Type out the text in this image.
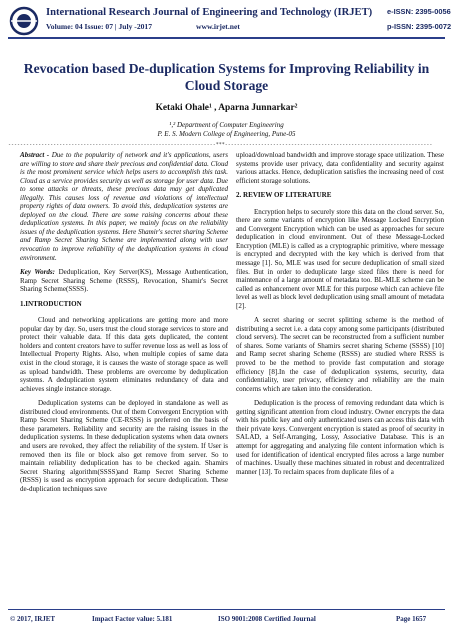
International Research Journal of Engineering and Technology (IRJET) e-ISSN: 2395-0056
Volume: 04 Issue: 07 | July -2017	www.irjet.net	p-ISSN: 2395-0072
Revocation based De-duplication Systems for Improving Reliability in Cloud Storage
Ketaki Ohale¹ , Aparna Junnarkar²
¹,² Department of Computer Engineering
P. E. S. Modern College of Engineering, Pune-05
---------------------------------------------------------------------***---------------------------------------------------------------------

Abstract - Due to the popularity of network and it's applications, users are willing to store and share their precious and confidential data. Cloud is the most prominent service which helps users to accomplish this task. Cloud as a service provides security as well as storage for user data. Due to some attacks or threats, these precious data may get duplicated illegally. This causes loss of revenue and violations of intellectual property rights of data owners. To avoid this, deduplication systems are deployed on the cloud. There are some raising concerns about these deduplication systems. In this paper, we mainly focus on the reliability issues of the deduplication systems. Here Shamir's secret sharing Scheme and Ramp Secret Sharing Scheme are implemented along with user revocation to improve reliability of the deduplication systems in cloud environment.

Key Words: Deduplication, Key Server(KS), Message Authentication, Ramp Secret Sharing Scheme (RSSS), Revocation, Shamir's Secret Sharing Scheme(SSSS).

1.INTRODUCTION

Cloud and networking applications are getting more and more popular day by day. So, users trust the cloud storage services to store and protect their valuable data. If this data gets duplicated, the content holders and content creators have to suffer revenue loss as well as loss of Intellectual Property Rights. Also, when multiple copies of same data exist in the cloud storage, it is causes the waste of storage space as well as upload bandwidth. These problems are overcome by deduplication systems. A deduplication system eliminates redundancy of data and achieves single instance storage.

Deduplication systems can be deployed in standalone as well as distributed cloud environments. Out of them Convergent Encryption with Ramp Secret Sharing Scheme (CE-RSSS) is preferred on the basis of these parameters. Reliability and security are the raising issues in the deduplication systems. In these deduplication systems when data owners and users are revoked, they affect the reliability of the system. If User is removed then its file or block also get remove from server. So to maintain reliability deduplication has to be checked again. Shamirs Secret Sharing algorithm(SSSS)and Ramp Secret Sharing Scheme (RSSS) is used as encryption approach for secure deduplication. These de-duplication techniques save

upload/download bandwidth and improve storage space utilization. These systems provide user privacy, data confidentiality and security against various attacks. Hence, deduplication satisfies the increasing need of cost efficient storage solutions.

2. REVIEW OF LITERATURE

Encryption helps to securely store this data on the cloud server. So, there are some variants of encryption like Message Locked Encryption and Convergent Encryption which can be used as approaches for secure deduplication in cloud environment. Out of these Message-Locked Encryption (MLE) is called as a cryptographic primitive, where message is encrypted and decrypted with the key which is derived from that message [1]. So, MLE was used for secure deduplication of small sized files. But in order to deduplicate large sized files there is need for maintenance of a large amount of metadata too. BL-MLE scheme can be called as enhancement over MLE for this purpose which can achieve file level as well as block level deduplication using small amount of metadata [2].

A secret sharing or secret splitting scheme is the method of distributing a secret i.e. a data copy among some participants (distributed cloud servers). The secret can be reconstructed from a sufficient number of shares. Some variants of Shamirs secret sharing Scheme (SSSS) [10] and Ramp secret sharing Scheme (RSSS) are studied where RSSS is proved to be the method to provide fast computation and storage efficiency [8].In the case of deduplication systems, security, data confidentiality, user privacy, efficiency and reliability are the main concerns which are taken into the consideration.

Deduplication is the process of removing redundant data which is getting significant attention from cloud industry. Owner encrypts the data with his public key and only authenticated users can access this data with their private keys. Convergent encryption is stated as proof of security in SALAD, a Self-Arranging, Lossy, Associative Database. This is an attempt for aggregating and analyzing file content information which is used for identification of identical encrypted files across a large number of machines. Usually these machines situated in robust and decentralized manner [13]. To reclaim spaces from duplicate files of a

© 2017, IRJET	Impact Factor value: 5.181	ISO 9001:2008 Certified Journal	Page 1657
